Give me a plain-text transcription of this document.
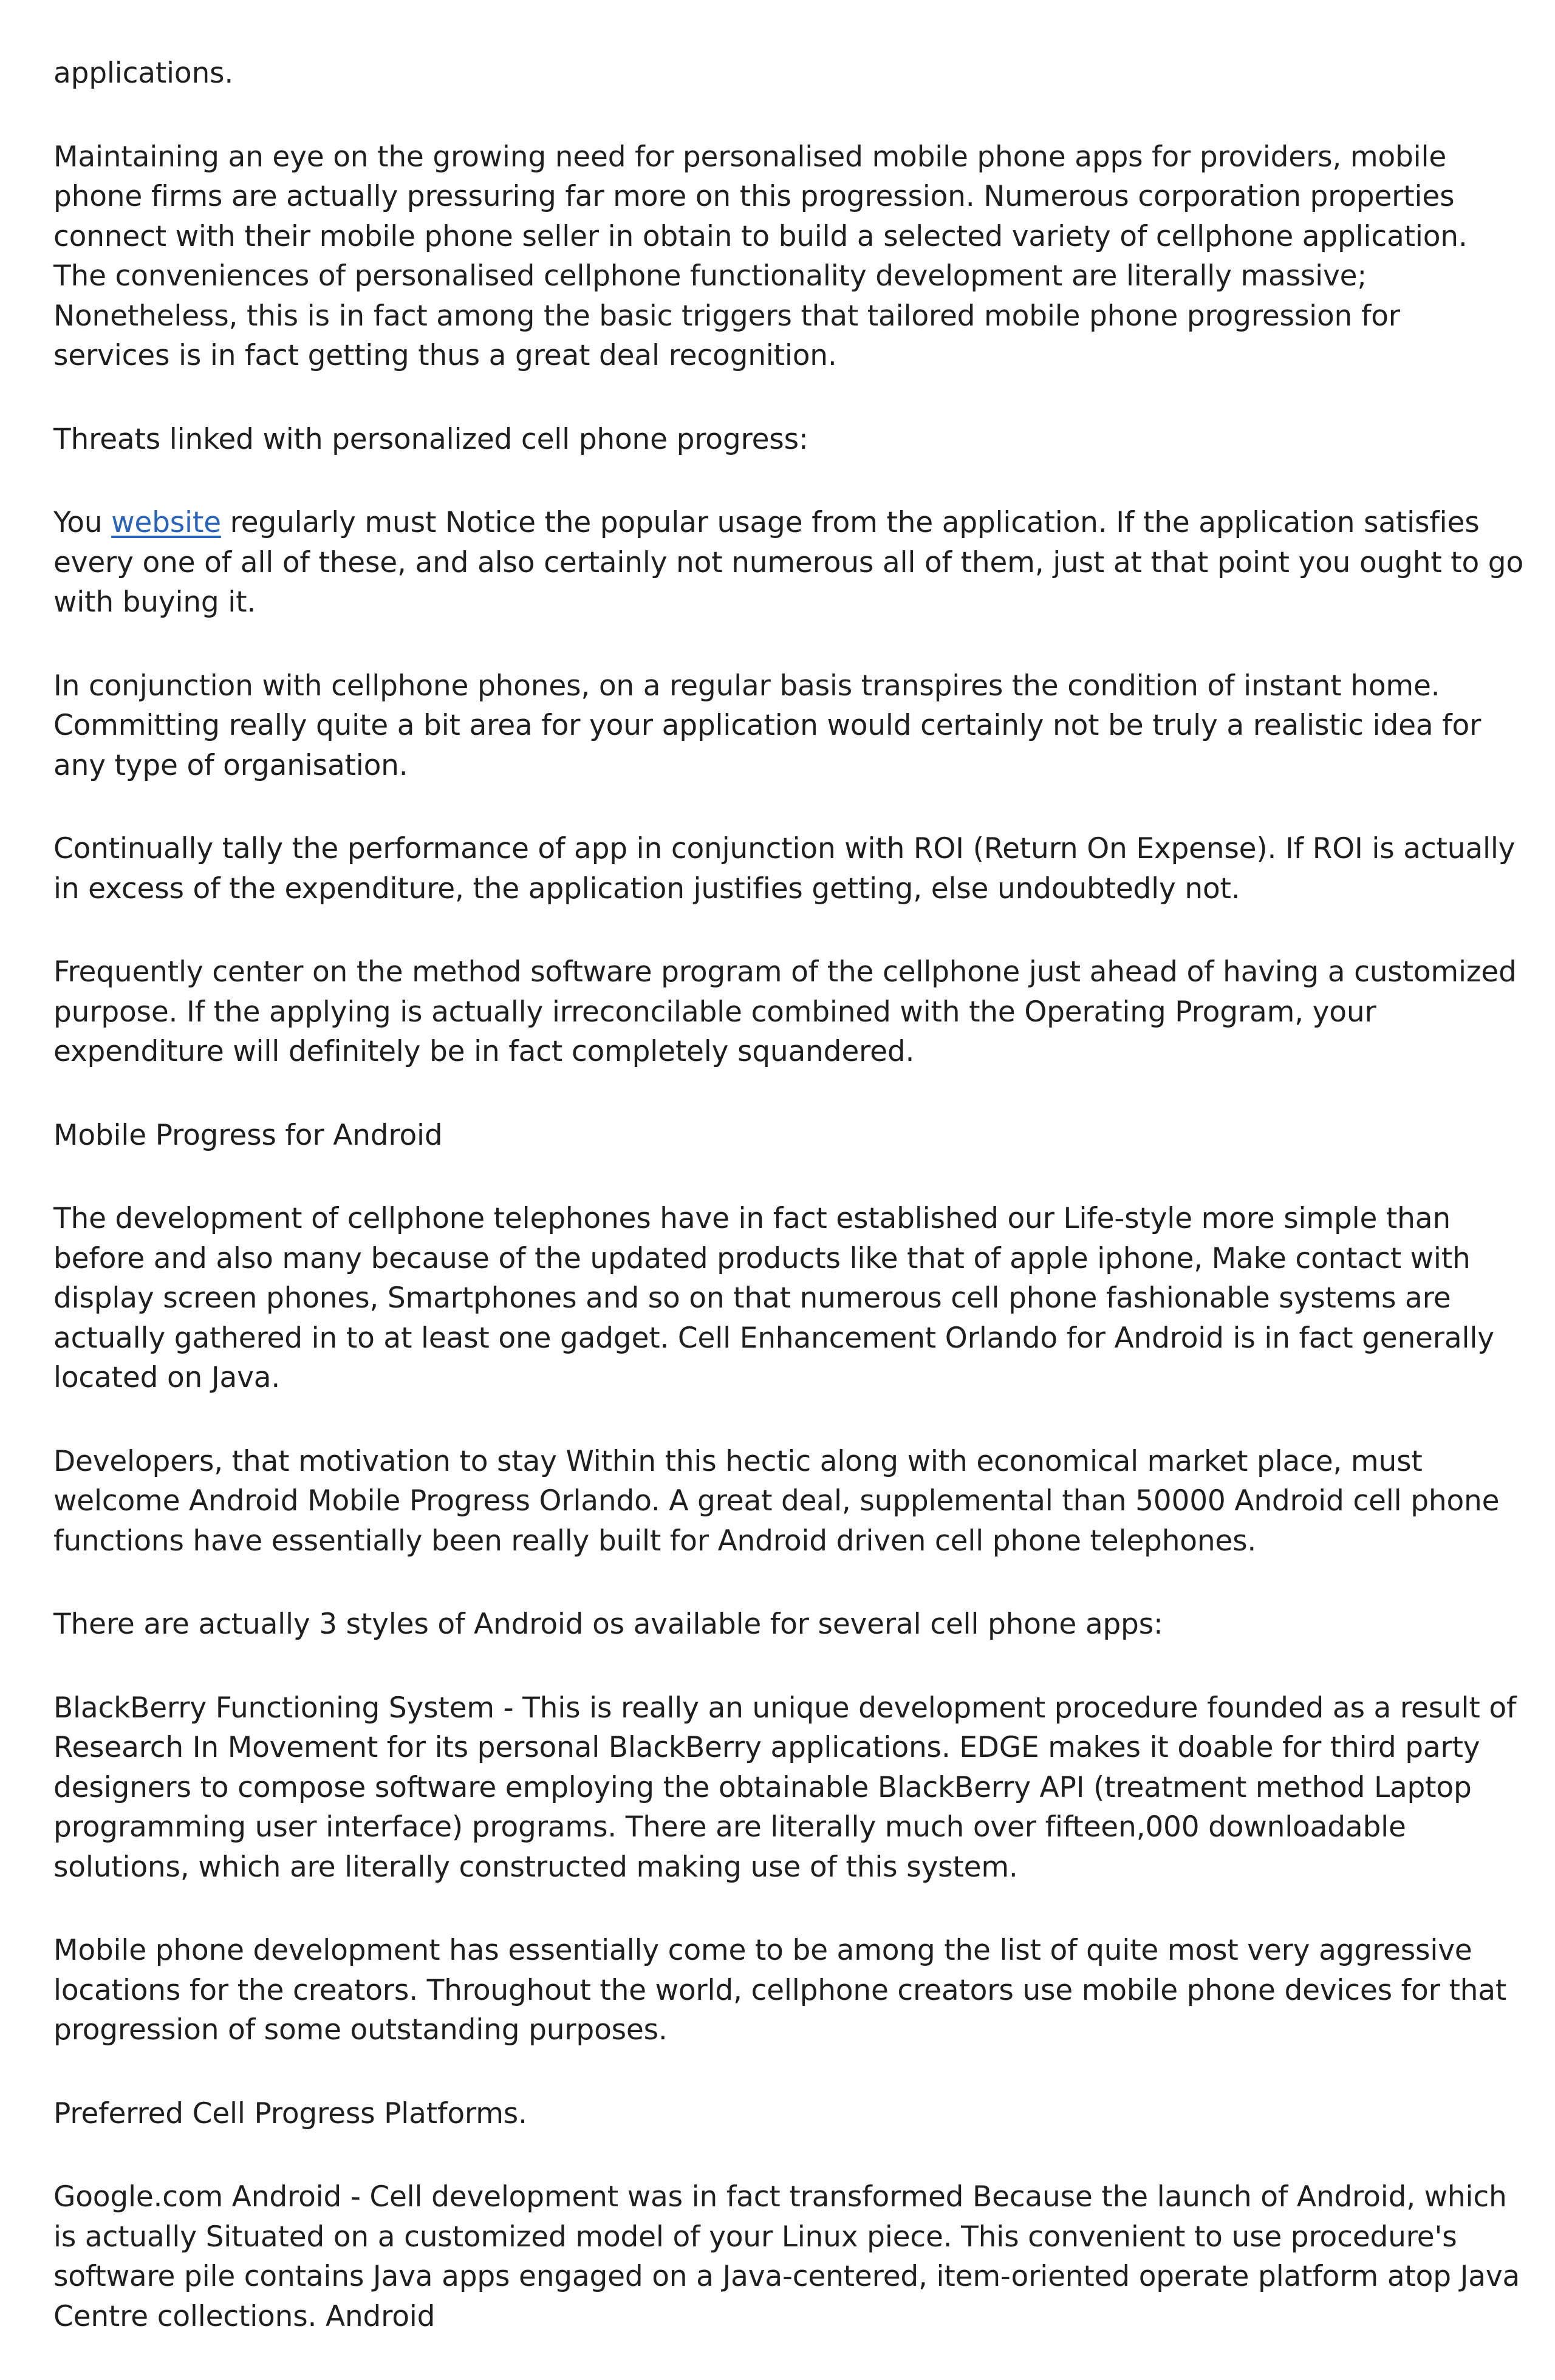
applications.

Maintaining an eye on the growing need for personalised mobile phone apps for providers, mobile phone firms are actually pressuring far more on this progression. Numerous corporation properties connect with their mobile phone seller in obtain to build a selected variety of cellphone application. The conveniences of personalised cellphone functionality development are literally massive; Nonetheless, this is in fact among the basic triggers that tailored mobile phone progression for services is in fact getting thus a great deal recognition.

Threats linked with personalized cell phone progress:

You website regularly must Notice the popular usage from the application. If the application satisfies every one of all of these, and also certainly not numerous all of them, just at that point you ought to go with buying it.

In conjunction with cellphone phones, on a regular basis transpires the condition of instant home. Committing really quite a bit area for your application would certainly not be truly a realistic idea for any type of organisation.

Continually tally the performance of app in conjunction with ROI (Return On Expense). If ROI is actually in excess of the expenditure, the application justifies getting, else undoubtedly not.

Frequently center on the method software program of the cellphone just ahead of having a customized purpose. If the applying is actually irreconcilable combined with the Operating Program, your expenditure will definitely be in fact completely squandered.

Mobile Progress for Android

The development of cellphone telephones have in fact established our Life-style more simple than before and also many because of the updated products like that of apple iphone, Make contact with display screen phones, Smartphones and so on that numerous cell phone fashionable systems are actually gathered in to at least one gadget. Cell Enhancement Orlando for Android is in fact generally located on Java.

Developers, that motivation to stay Within this hectic along with economical market place, must welcome Android Mobile Progress Orlando. A great deal, supplemental than 50000 Android cell phone functions have essentially been really built for Android driven cell phone telephones.

There are actually 3 styles of Android os available for several cell phone apps:

BlackBerry Functioning System - This is really an unique development procedure founded as a result of Research In Movement for its personal BlackBerry applications. EDGE makes it doable for third party designers to compose software employing the obtainable BlackBerry API (treatment method Laptop programming user interface) programs. There are literally much over fifteen,000 downloadable solutions, which are literally constructed making use of this system.

Mobile phone development has essentially come to be among the list of quite most very aggressive locations for the creators. Throughout the world, cellphone creators use mobile phone devices for that progression of some outstanding purposes.

Preferred Cell Progress Platforms.

Google.com Android - Cell development was in fact transformed Because the launch of Android, which is actually Situated on a customized model of your Linux piece. This convenient to use procedure's software pile contains Java apps engaged on a Java-centered, item-oriented operate platform atop Java Centre collections. Android
